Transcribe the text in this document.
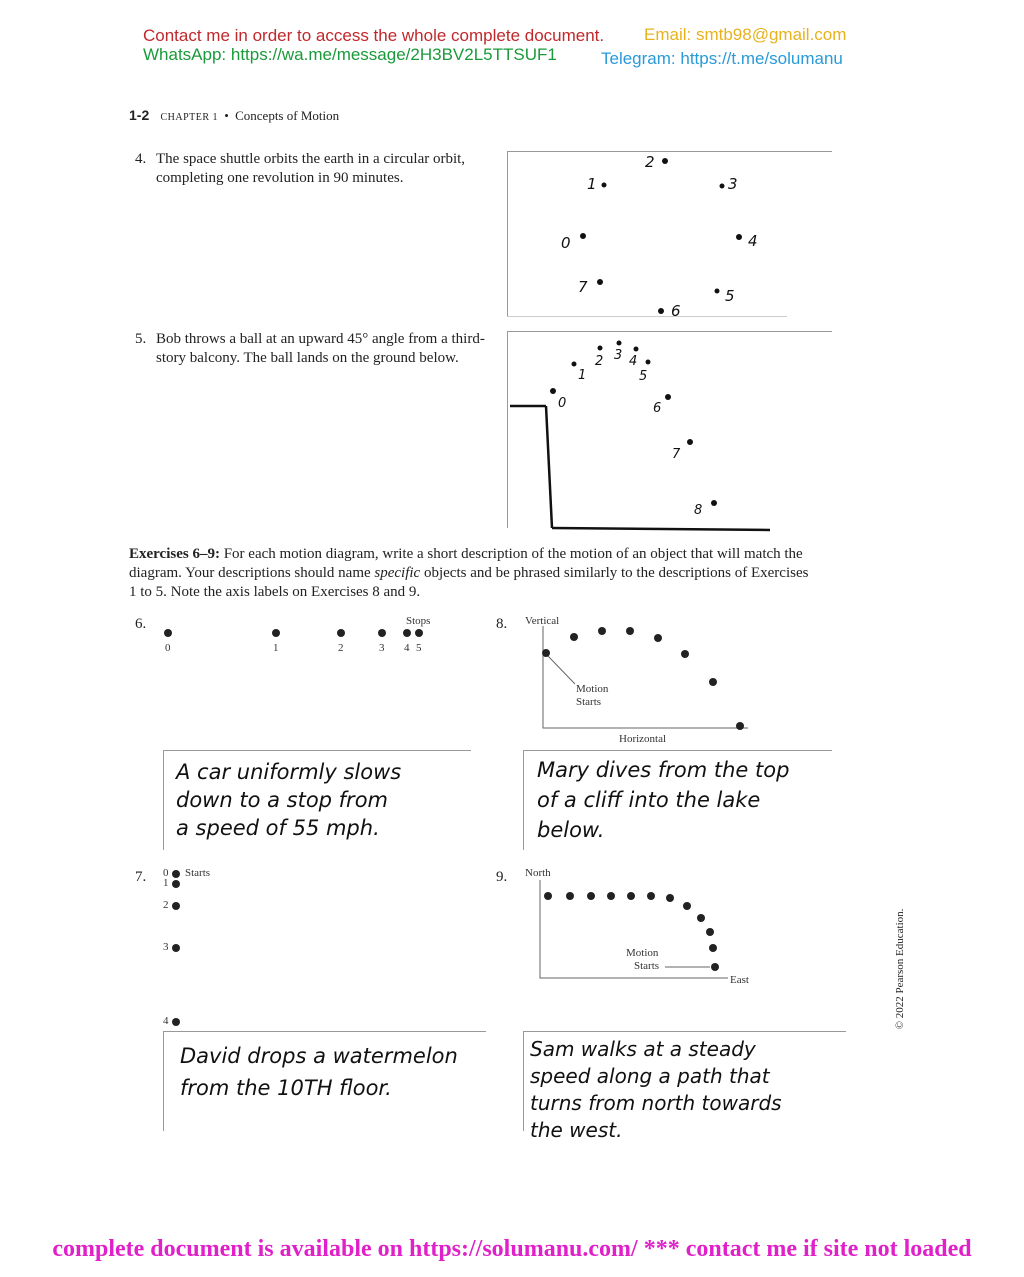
Contact me in order to access the whole complete document. Email: smtb98@gmail.com
WhatsApp: https://wa.me/message/2H3BV2L5TTSUF1	Telegram: https://t.me/solumanu
1-2 CHAPTER 1 • Concepts of Motion
4. The space shuttle orbits the earth in a circular orbit, completing one revolution in 90 minutes.
0
1
2
3
4
5
6
7
5. Bob throws a ball at an upward 45° angle from a third-story balcony. The ball lands on the ground below.
0
1
2 3 4
5
6
7
8
Exercises 6–9: For each motion diagram, write a short description of the motion of an object that will match the diagram. Your descriptions should name specific objects and be phrased similarly to the descriptions of Exercises 1 to 5. Note the axis labels on Exercises 8 and 9.
6.	Stops
0	1	2	3 4 5
A car uniformly slows
down to a stop from
a speed of 55 mph.
8. Vertical
Motion
Starts
Horizontal
Mary dives from the top
of a cliff into the lake
below.
7. 0 Starts
1
2
3
4
David drops a watermelon
from the 10TH floor.
9. North
Motion
Starts
East
Sam walks at a steady
speed along a path that
turns from north towards
the west.
© 2022 Pearson Education.
complete document is available on https://solumanu.com/ *** contact me if site not loaded
